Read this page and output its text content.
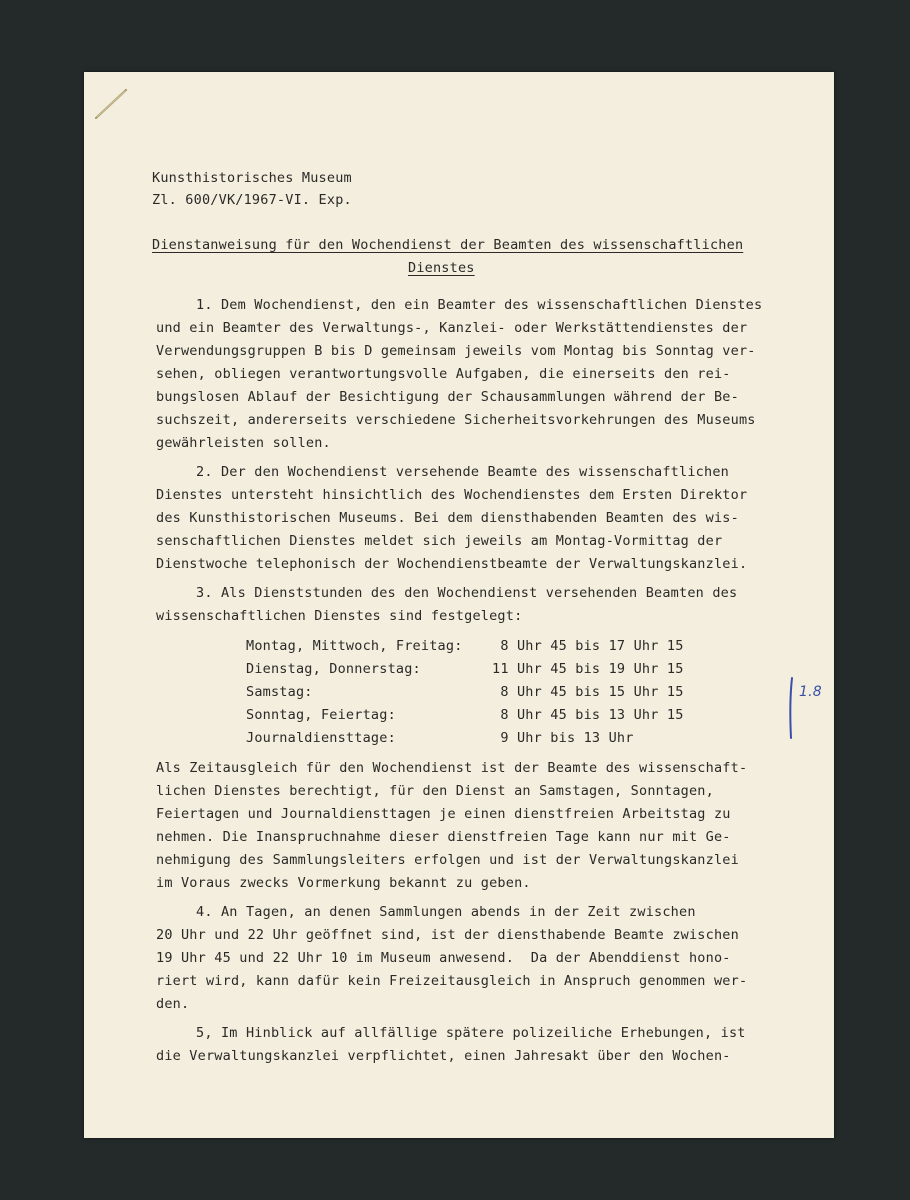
Kunsthistorisches Museum
Zl. 600/VK/1967-VI. Exp.
Dienstanweisung für den Wochendienst der Beamten des wissenschaftlichen
Dienstes
1. Dem Wochendienst, den ein Beamter des wissenschaftlichen Dienstes
und ein Beamter des Verwaltungs-, Kanzlei- oder Werkstättendienstes der
Verwendungsgruppen B bis D gemeinsam jeweils vom Montag bis Sonntag ver-
sehen, obliegen verantwortungsvolle Aufgaben, die einerseits den rei-
bungslosen Ablauf der Besichtigung der Schausammlungen während der Be-
suchszeit, andererseits verschiedene Sicherheitsvorkehrungen des Museums
gewährleisten sollen.
2. Der den Wochendienst versehende Beamte des wissenschaftlichen
Dienstes untersteht hinsichtlich des Wochendienstes dem Ersten Direktor
des Kunsthistorischen Museums. Bei dem diensthabenden Beamten des wis-
senschaftlichen Dienstes meldet sich jeweils am Montag-Vormittag der
Dienstwoche telephonisch der Wochendienstbeamte der Verwaltungskanzlei.
3. Als Dienststunden des den Wochendienst versehenden Beamten des
wissenschaftlichen Dienstes sind festgelegt:
Montag, Mittwoch, Freitag: 8 Uhr 45 bis 17 Uhr 15
Dienstag, Donnerstag:	11 Uhr 45 bis 19 Uhr 15
Samstag:	8 Uhr 45 bis 15 Uhr 15
Sonntag, Feiertag:	8 Uhr 45 bis 13 Uhr 15
Journaldiensttage:	9 Uhr bis 13 Uhr
Als Zeitausgleich für den Wochendienst ist der Beamte des wissenschaft-
lichen Dienstes berechtigt, für den Dienst an Samstagen, Sonntagen,
Feiertagen und Journaldiensttagen je einen dienstfreien Arbeitstag zu
nehmen. Die Inanspruchnahme dieser dienstfreien Tage kann nur mit Ge-
nehmigung des Sammlungsleiters erfolgen und ist der Verwaltungskanzlei
im Voraus zwecks Vormerkung bekannt zu geben.
4. An Tagen, an denen Sammlungen abends in der Zeit zwischen
20 Uhr und 22 Uhr geöffnet sind, ist der diensthabende Beamte zwischen
19 Uhr 45 und 22 Uhr 10 im Museum anwesend.  Da der Abenddienst hono-
riert wird, kann dafür kein Freizeitausgleich in Anspruch genommen wer-
den.
5, Im Hinblick auf allfällige spätere polizeiliche Erhebungen, ist
die Verwaltungskanzlei verpflichtet, einen Jahresakt über den Wochen-
1.8
